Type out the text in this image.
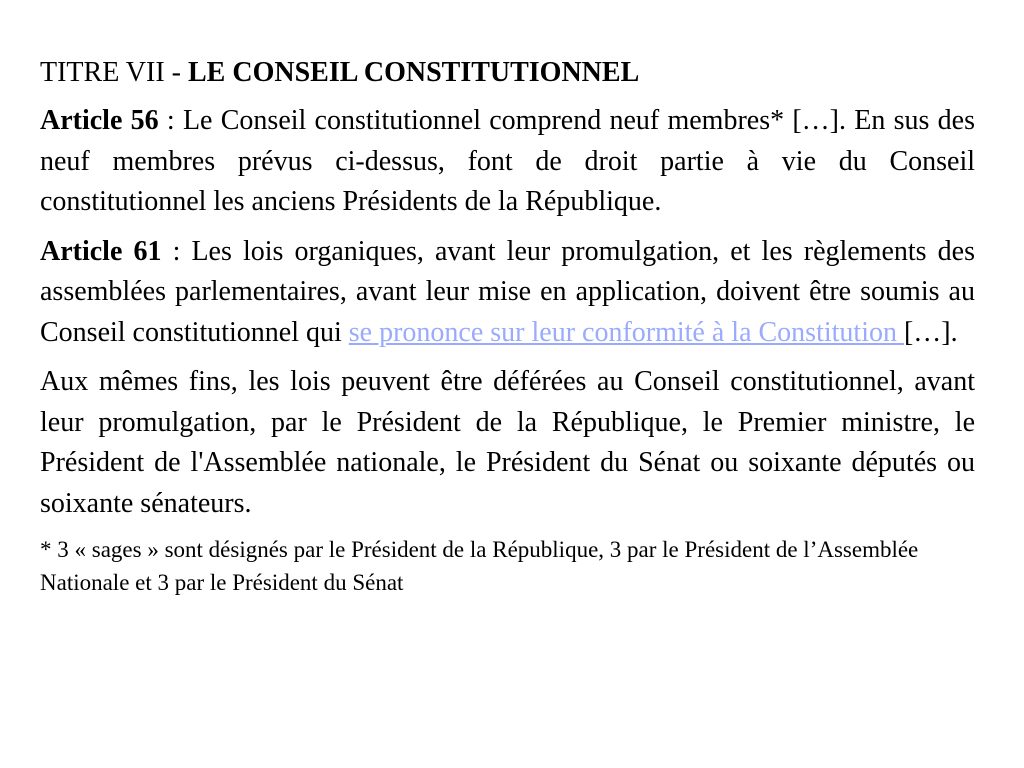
TITRE VII - LE CONSEIL CONSTITUTIONNEL

Article 56 : Le Conseil constitutionnel comprend neuf membres* […]. En sus des neuf membres prévus ci-dessus, font de droit partie à vie du Conseil constitutionnel les anciens Présidents de la République.

Article 61 : Les lois organiques, avant leur promulgation, et les règlements des assemblées parlementaires, avant leur mise en application, doivent être soumis au Conseil constitutionnel qui se prononce sur leur conformité à la Constitution […].

Aux mêmes fins, les lois peuvent être déférées au Conseil constitutionnel, avant leur promulgation, par le Président de la République, le Premier ministre, le Président de l'Assemblée nationale, le Président du Sénat ou soixante députés ou soixante sénateurs.

* 3 « sages » sont désignés par le Président de la République, 3 par le Président de l’Assemblée Nationale et 3 par le Président du Sénat
